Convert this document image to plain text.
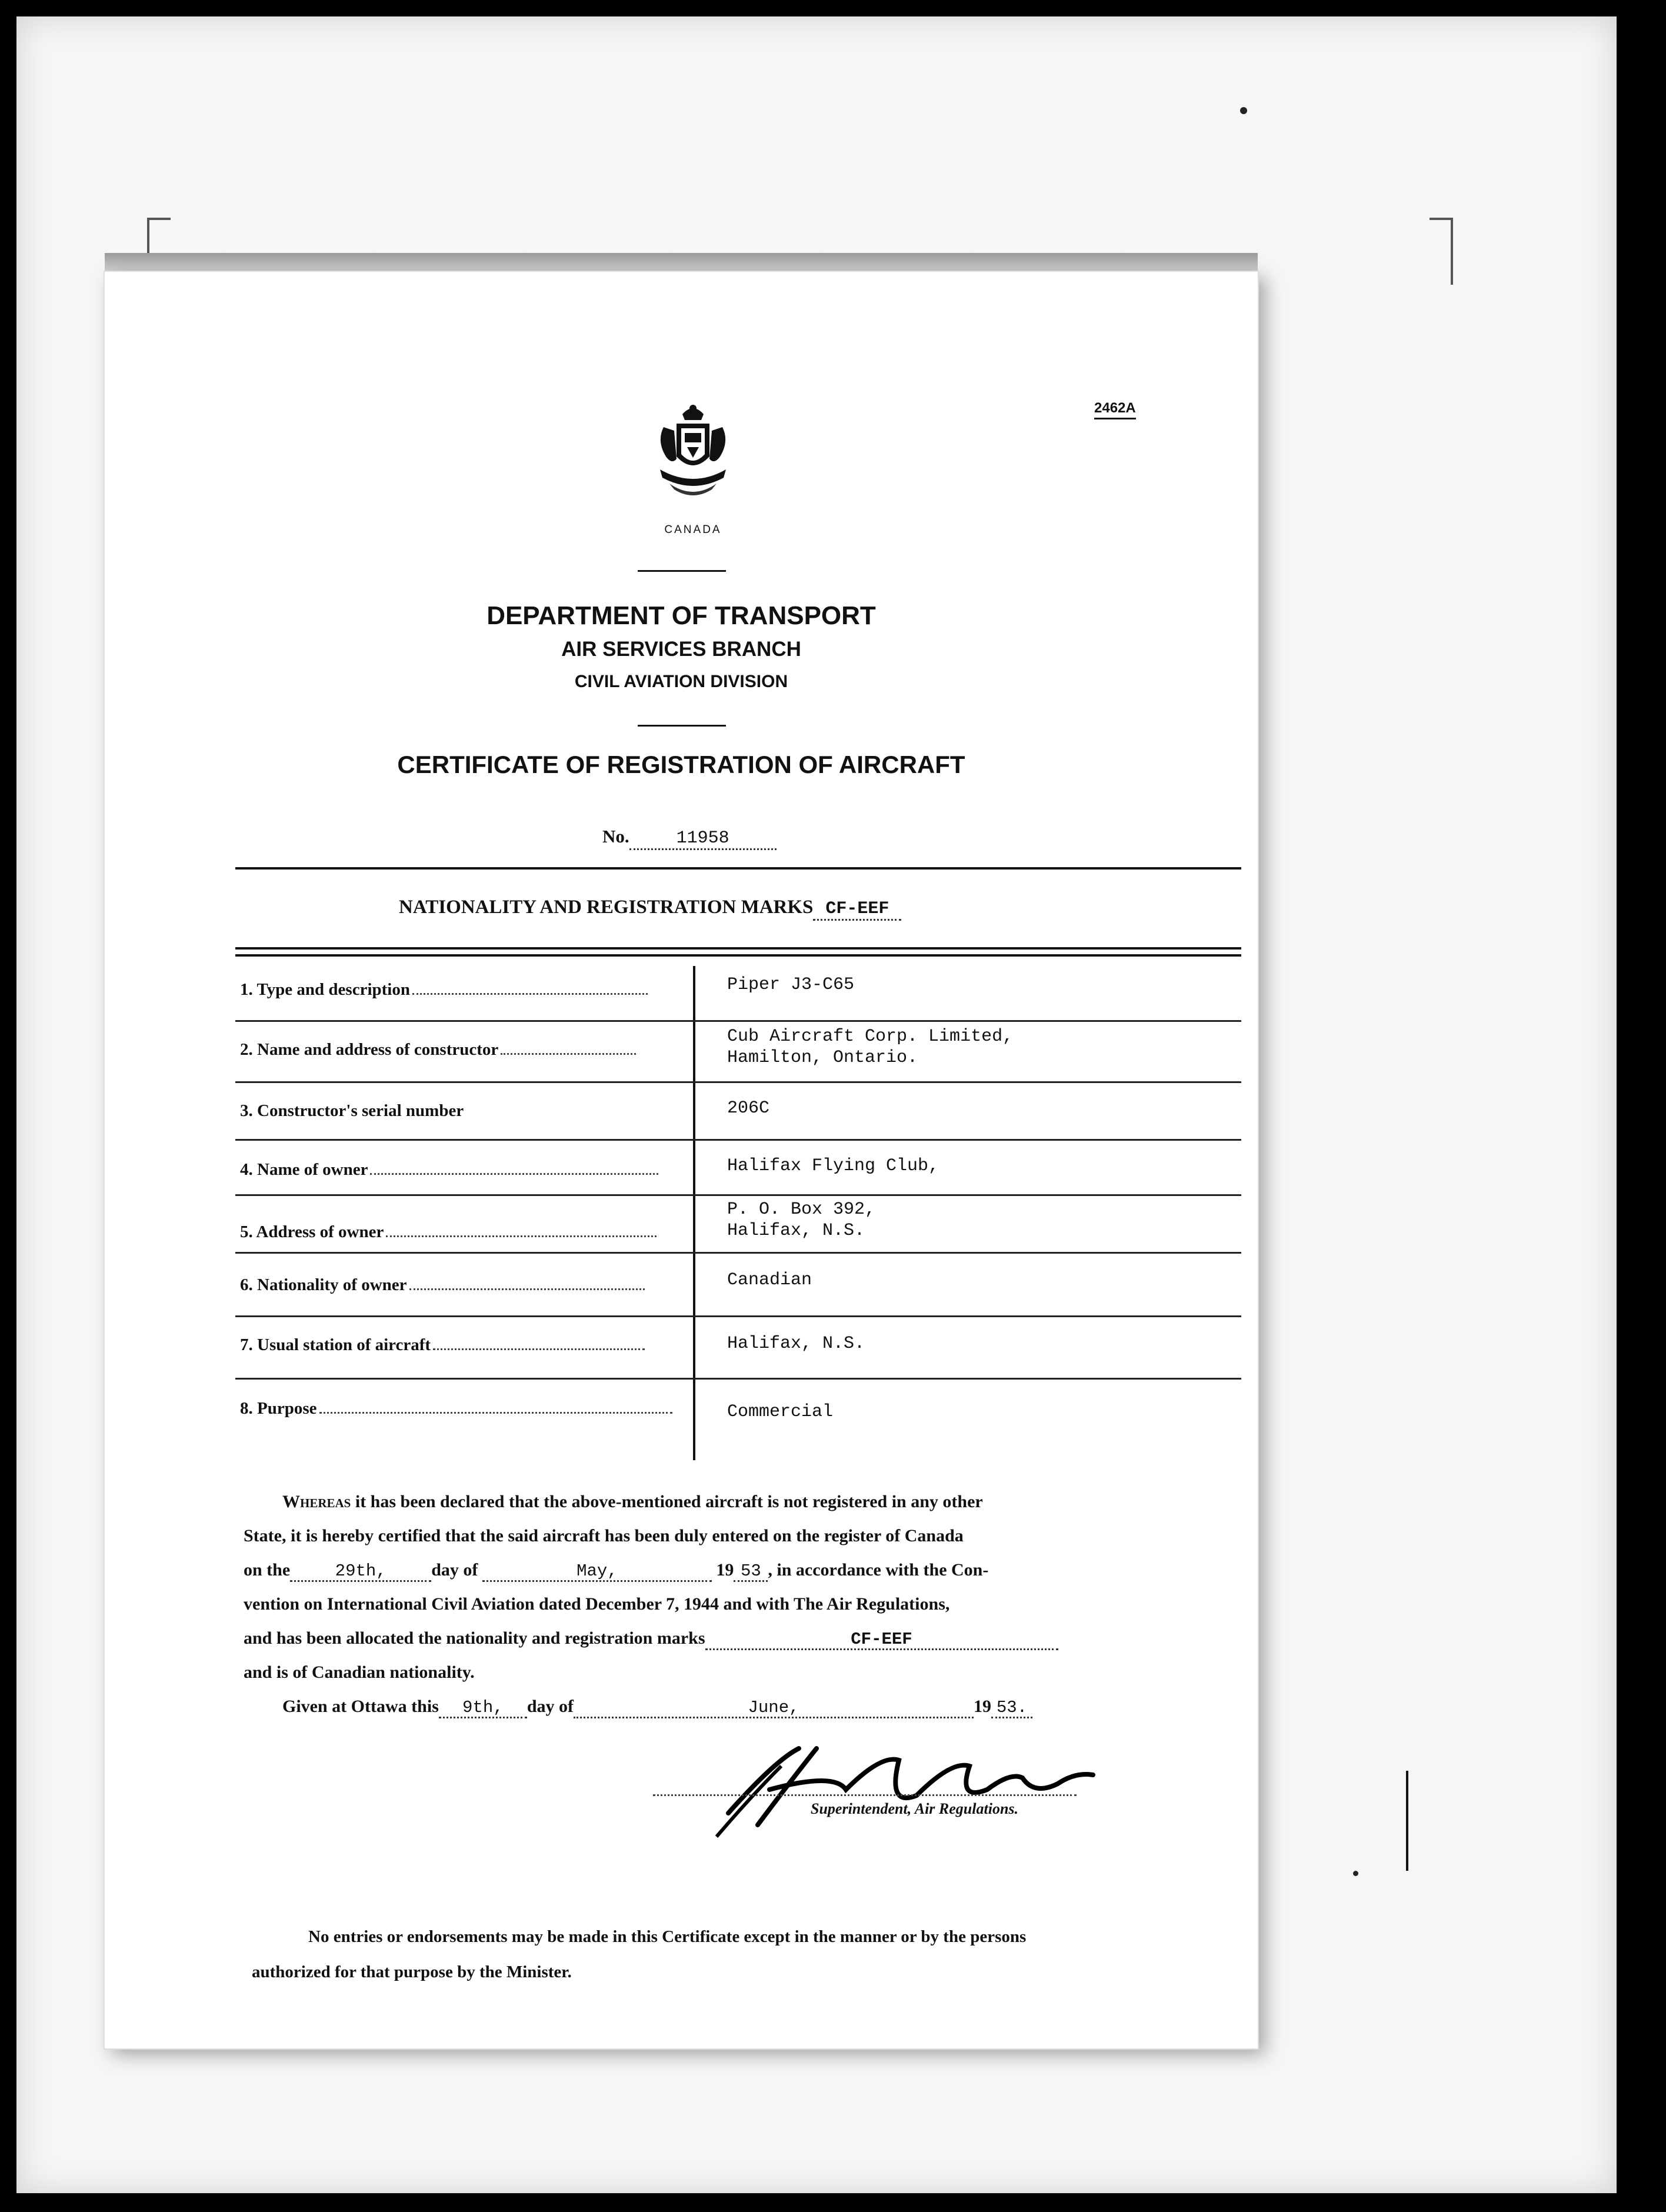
2462A
CANADA
DEPARTMENT OF TRANSPORT
AIR SERVICES BRANCH
CIVIL AVIATION DIVISION
CERTIFICATE OF REGISTRATION OF AIRCRAFT
No.	11958
NATIONALITY AND REGISTRATION MARKS CF-EEF
1. Type and description	Piper J3-C65
2. Name and address of constructor
Cub Aircraft Corp. Limited,
Hamilton, Ontario.
3. Constructor's serial number	206C
4. Name of owner	Halifax Flying Club,
5. Address of owner
P. O. Box 392,
Halifax, N.S.
6. Nationality of owner	Canadian
7. Usual station of aircraft	Halifax, N.S.
8. Purpose	Commercial
Whereas it has been declared that the above-mentioned aircraft is not registered in any other
State, it is hereby certified that the said aircraft has been duly entered on the register of Canada
on the	29th,	day of	May,	19 53 , in accordance with the Con-
vention on International Civil Aviation dated December 7, 1944 and with The Air Regulations,
and has been allocated the nationality and registration marks	CF-EEF
and is of Canadian nationality.
Given at Ottawa this 9th, day of	June,	19 53.
Superintendent, Air Regulations.
No entries or endorsements may be made in this Certificate except in the manner or by the persons
authorized for that purpose by the Minister.
